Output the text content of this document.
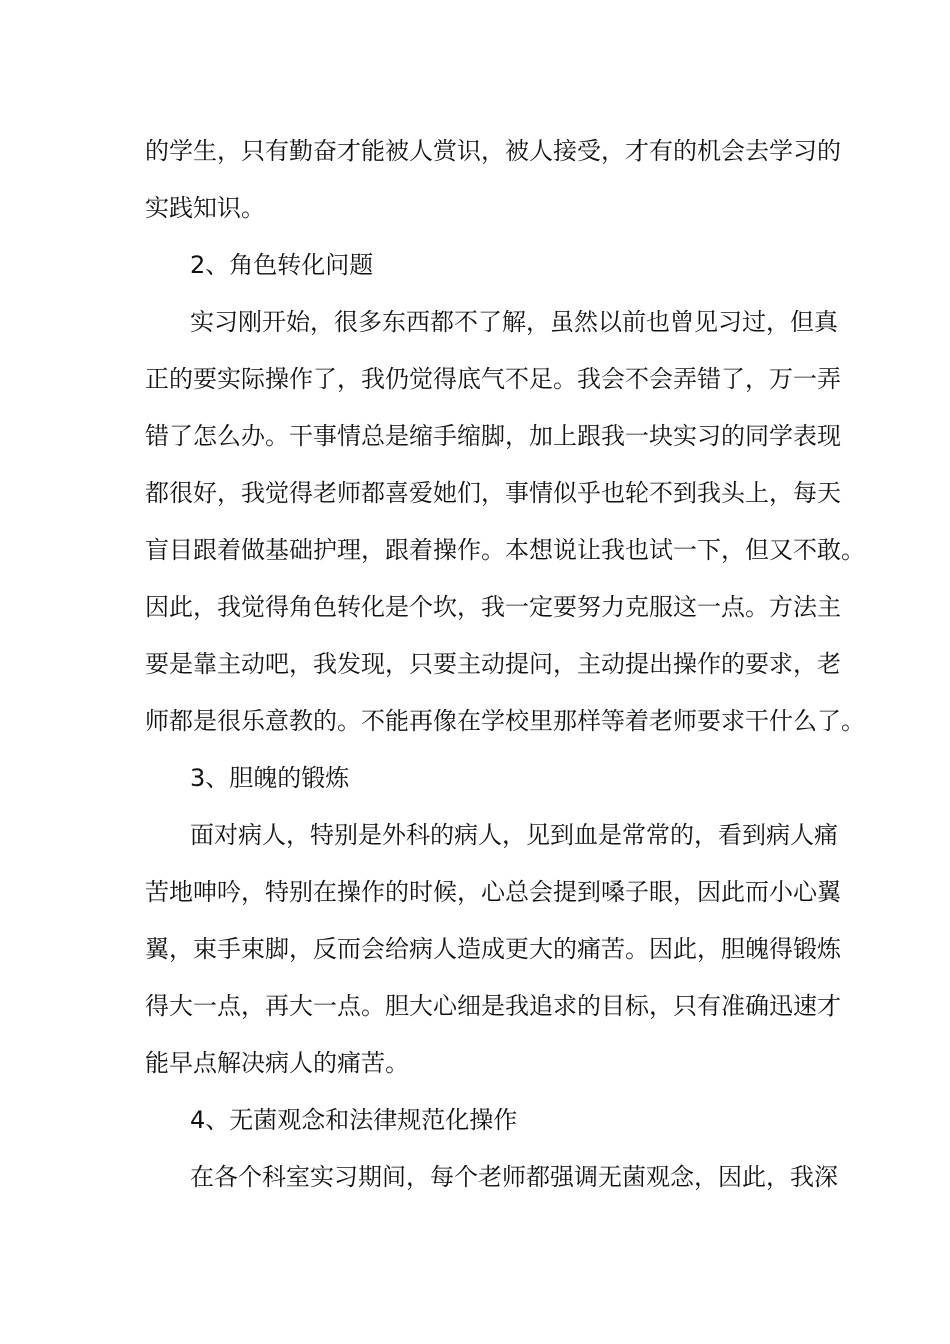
的学生，只有勤奋才能被人赏识，被人接受，才有的机会去学习的
实践知识。
2、角色转化问题
实习刚开始，很多东西都不了解，虽然以前也曾见习过，但真
正的要实际操作了，我仍觉得底气不足。我会不会弄错了，万一弄
错了怎么办。干事情总是缩手缩脚，加上跟我一块实习的同学表现
都很好，我觉得老师都喜爱她们，事情似乎也轮不到我头上，每天
盲目跟着做基础护理，跟着操作。本想说让我也试一下，但又不敢。
因此，我觉得角色转化是个坎，我一定要努力克服这一点。方法主
要是靠主动吧，我发现，只要主动提问，主动提出操作的要求，老
师都是很乐意教的。不能再像在学校里那样等着老师要求干什么了。
3、胆魄的锻炼
面对病人，特别是外科的病人，见到血是常常的，看到病人痛
苦地呻吟，特别在操作的时候，心总会提到嗓子眼，因此而小心翼
翼，束手束脚，反而会给病人造成更大的痛苦。因此，胆魄得锻炼
得大一点，再大一点。胆大心细是我追求的目标，只有准确迅速才
能早点解决病人的痛苦。
4、无菌观念和法律规范化操作
在各个科室实习期间，每个老师都强调无菌观念，因此，我深
